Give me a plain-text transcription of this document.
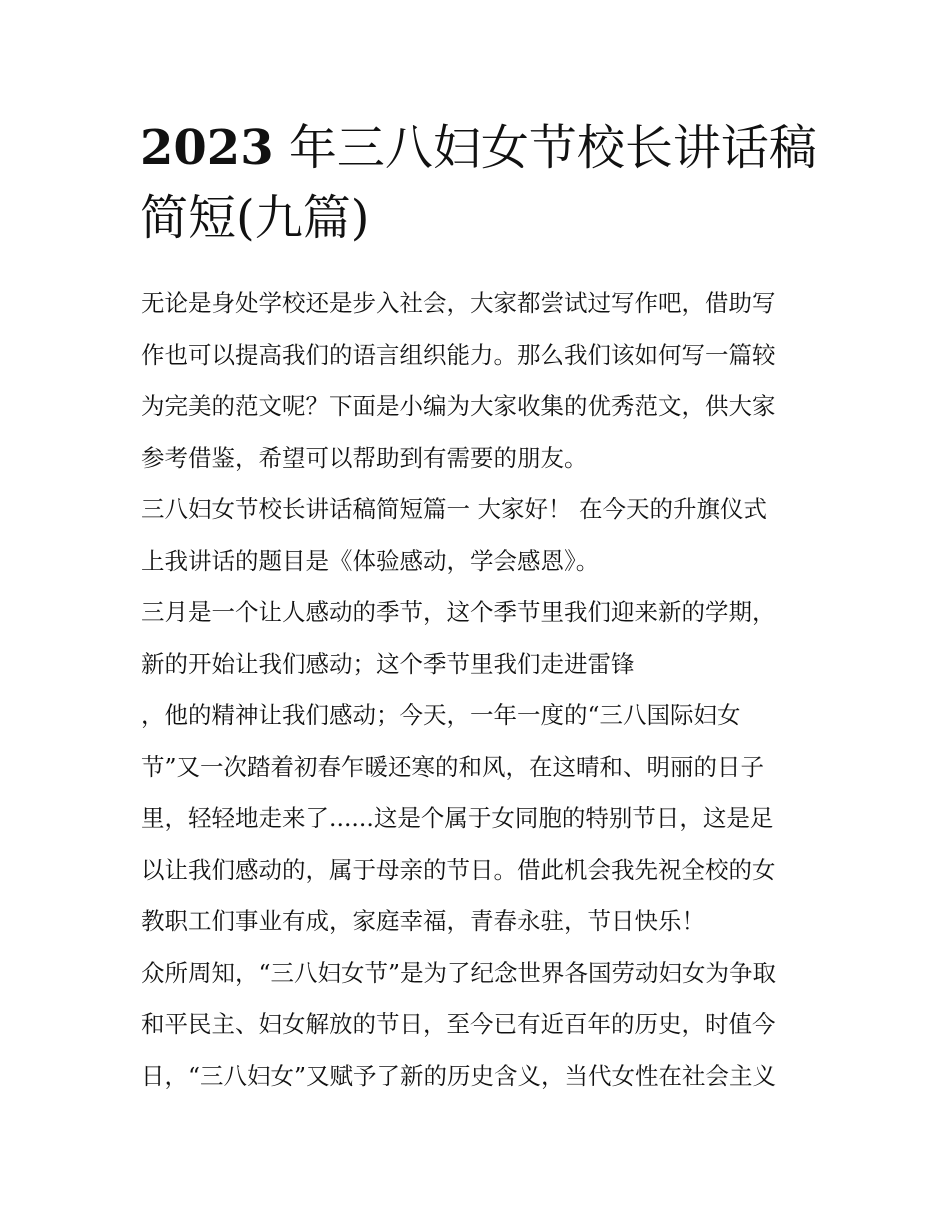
2023 年三八妇女节校长讲话稿
简短(九篇)
无论是身处学校还是步入社会，大家都尝试过写作吧，借助写
作也可以提高我们的语言组织能力。那么我们该如何写一篇较
为完美的范文呢？下面是小编为大家收集的优秀范文，供大家
参考借鉴，希望可以帮助到有需要的朋友。
三八妇女节校长讲话稿简短篇一 大家好！ 在今天的升旗仪式
上我讲话的题目是《体验感动，学会感恩》。
三月是一个让人感动的季节，这个季节里我们迎来新的学期，
新的开始让我们感动；这个季节里我们走进雷锋
，他的精神让我们感动；今天，一年一度的“三八国际妇女
节”又一次踏着初春乍暖还寒的和风，在这晴和、明丽的日子
里，轻轻地走来了......这是个属于女同胞的特别节日，这是足
以让我们感动的，属于母亲的节日。借此机会我先祝全校的女
教职工们事业有成，家庭幸福，青春永驻，节日快乐！
众所周知，“三八妇女节”是为了纪念世界各国劳动妇女为争取
和平民主、妇女解放的节日，至今已有近百年的历史，时值今
日，“三八妇女”又赋予了新的历史含义，当代女性在社会主义
